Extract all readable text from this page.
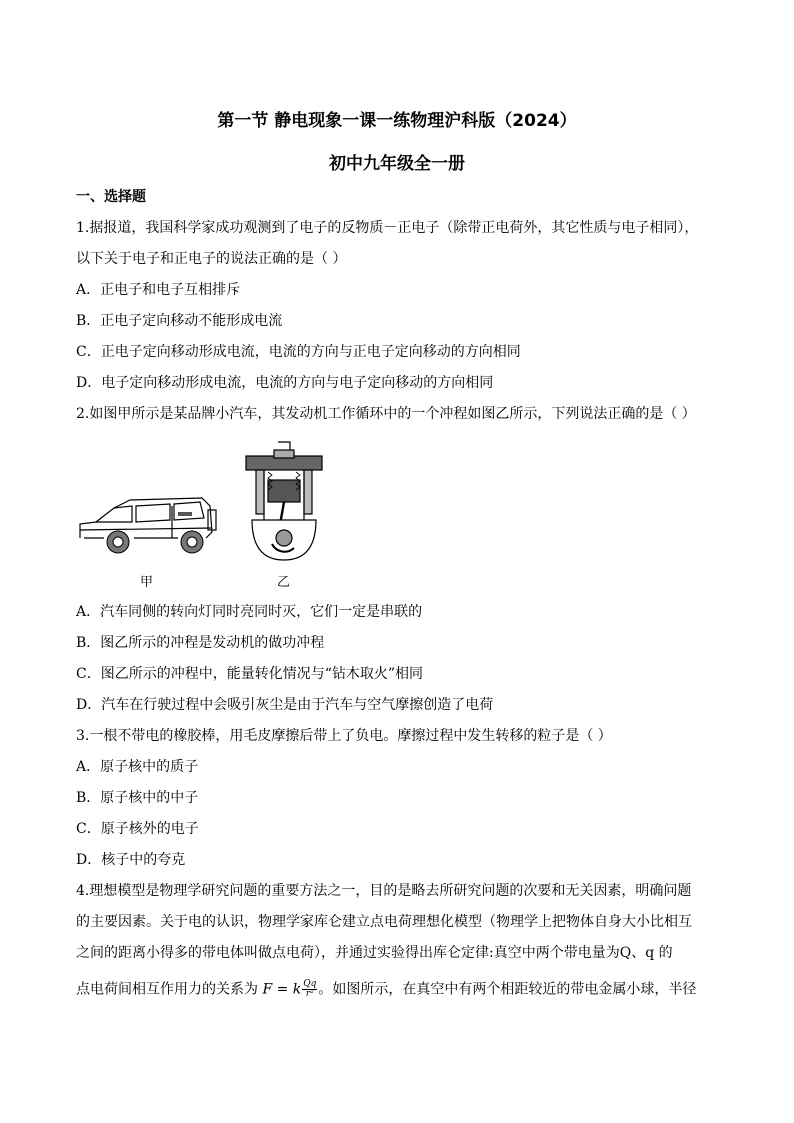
第一节 静电现象一课一练物理沪科版（2024）
初中九年级全一册
一、选择题
1.据报道，我国科学家成功观测到了电子的反物质－正电子（除带正电荷外，其它性质与电子相同），
以下关于电子和正电子的说法正确的是（ ）
A．正电子和电子互相排斥
B．正电子定向移动不能形成电流
C．正电子定向移动形成电流，电流的方向与正电子定向移动的方向相同
D．电子定向移动形成电流，电流的方向与电子定向移动的方向相同
2.如图甲所示是某品牌小汽车，其发动机工作循环中的一个冲程如图乙所示，下列说法正确的是（ ）
甲	乙
A．汽车同侧的转向灯同时亮同时灭，它们一定是串联的
B．图乙所示的冲程是发动机的做功冲程
C．图乙所示的冲程中，能量转化情况与“钻木取火”相同
D．汽车在行驶过程中会吸引灰尘是由于汽车与空气摩擦创造了电荷
3.一根不带电的橡胶棒，用毛皮摩擦后带上了负电。摩擦过程中发生转移的粒子是（ ）
A．原子核中的质子
B．原子核中的中子
C．原子核外的电子
D．核子中的夸克
4.理想模型是物理学研究问题的重要方法之一，目的是略去所研究问题的次要和无关因素，明确问题
的主要因素。关于电的认识，物理学家库仑建立点电荷理想化模型（物理学上把物体自身大小比相互
之间的距离小得多的带电体叫做点电荷），并通过实验得出库仑定律:真空中两个带电量为Q、q 的
点电荷间相互作用力的关系为 F = k $\frac{Qq}{\text{r²}}$ 。如图所示，在真空中有两个相距较近的带电金属小球，半径
